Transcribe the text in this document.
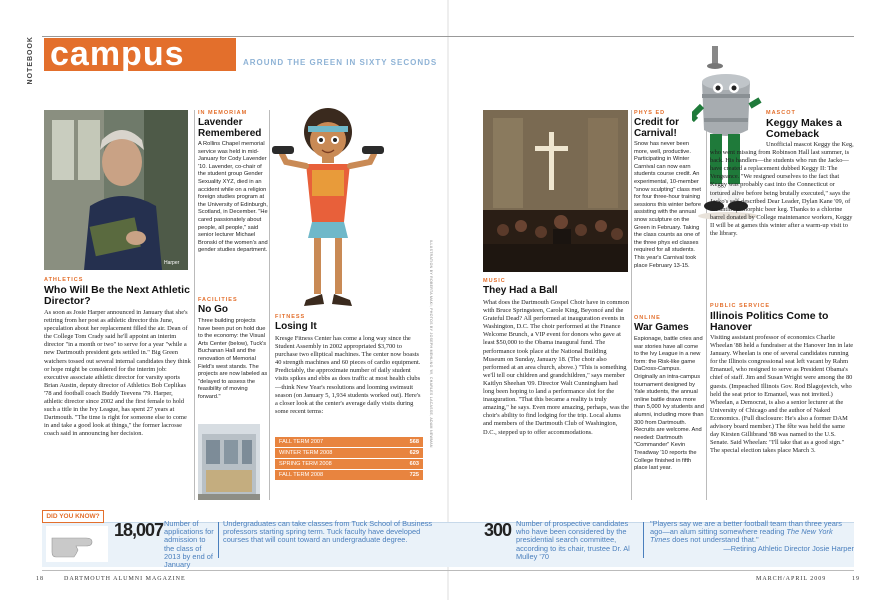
NOTEBOOK campus	AROUND THE GREEN IN SIXTY SECONDS
Harper
ATHLETICS
Who Will Be the Next Athletic Director?
As soon as Josie Harper announced in January that she's retiring from her post as athletic director this June, speculation about her replacement filled the air. Dean of the College Tom Crady said he'll appoint an interim director "in a month or two" to serve for a year "while a new Dartmouth president gets settled in." Big Green watchers tossed out several internal candidates they think or hope might be considered for the interim job: executive associate athletic director for varsity sports Brian Austin, deputy director of Athletics Bob Ceplikas '78 and football coach Buddy Teevens '79. Harper, athletic director since 2002 and the first female to hold such a title in the Ivy League, has spent 27 years at Dartmouth. "The time is right for someone else to come in and take a good look at things," the former lacrosse coach said in announcing her decision.
IN MEMORIAM
Lavender Remembered
A Rollins Chapel memorial service was held in mid-January for Cody Lavender '10. Lavender, co-chair of the student group Gender Sexuality XYZ, died in an accident while on a religion foreign studies program at the University of Edinburgh, Scotland, in December. "He cared passionately about people, all people," said senior lecturer Michael Bronski of the women's and gender studies department.
FACILITIES
No Go
Three building projects have been put on hold due to the economy: the Visual Arts Center (below), Tuck's Buchanan Hall and the renovation of Memorial Field's west stands. The projects are now labeled as "delayed to assess the feasibility of moving forward."
FITNESS
Losing It
Kresge Fitness Center has come a long way since the Student Assembly in 2002 appropriated $3,700 to purchase two elliptical machines. The center now boasts 40 strength machines and 60 pieces of cardio equipment. Predictably, the approximate number of daily student visits spikes and ebbs as does traffic at most health clubs—think New Year's resolutions and looming swimsuit season (on January 5, 1,934 students worked out). Here's a closer look at the center's average daily visits during some recent terms:
FALL TERM 2007	568
WINTER TERM 2008	629
SPRING TERM 2008	603
FALL TERM 2008	725
ILLUSTRATION BY ROBERTA MAKI; PHOTOS BY JOSEPH MEHLING '69, CHARLES LACASSE, ADAM NEWMAN	MUSIC
They Had a Ball
What does the Dartmouth Gospel Choir have in common with Bruce Springsteen, Carole King, Beyoncé and the Grateful Dead? All performed at inauguration events in Washington, D.C. The choir performed at the Finance Welcome Brunch, a VIP event for donors who gave at least $50,000 to the Obama inaugural fund. The performance took place at the National Building Museum on Sunday, January 18. (The choir also performed at an area church, above.) "This is something we'll tell our children and grandchildren," says member Kaitlyn Sheehan '09. Director Walt Cunningham had long been hoping to land a performance slot for the inauguration. "That this became a reality is truly amazing," he says. Even more amazing, perhaps, was the choir's ability to find lodging for the trip. Local alums and members of the Dartmouth Club of Washington, D.C., stepped up to offer accommodations.
PHYS ED
Credit for Carnival!
Snow has never been more, well, productive. Participating in Winter Carnival can now earn students course credit. An experimental, 10-member "snow sculpting" class met for four three-hour training sessions this winter before assisting with the annual snow sculpture on the Green in February. Taking the class counts as one of the three phys ed classes required for all students. This year's Carnival took place February 13-15.
ONLINE
War Games
Espionage, battle cries and war stories have all come to the Ivy League in a new form: the Risk-like game DaCross-Campus. Originally an intra-campus tournament designed by Yale students, the annual online battle draws more than 5,000 Ivy students and alumni, including more than 300 from Dartmouth. Recruits are welcome. And needed: Dartmouth "Commander" Kevin Treadway '10 reports the College finished in fifth place last year.
MASCOT
Keggy Makes a Comeback
Unofficial mascot Keggy the Keg, who went missing from Robinson Hall last summer, is back. His handlers—the students who run the Jacko—have created a replacement dubbed Keggy II: The Vengeance. "We resigned ourselves to the fact that Keggy was probably cast into the Connecticut or tortured alive before being brutally executed," says the Jacko's self-described Dear Leader, Dylan Kane '09, of the anthropomorphic beer keg. Thanks to a chlorine barrel donated by College maintenance workers, Keggy II will be at games this winter after a warm-up visit to the library.
PUBLIC SERVICE
Illinois Politics Come to Hanover
Visiting assistant professor of economics Charlie Wheelan '88 held a fundraiser at the Hanover Inn in late January. Wheelan is one of several candidates running for the Illinois congressional seat left vacant by Rahm Emanuel, who resigned to serve as President Obama's chief of staff. Jim and Susan Wright were among the 80 guests. (Impeached Illinois Gov. Rod Blagojevich, who held the seat prior to Emanuel, was not invited.) Wheelan, a Democrat, is also a senior lecturer at the University of Chicago and the author of Naked Economics. (Full disclosure: He's also a former DAM advisory board member.) The fête was held the same day Kirsten Gillibrand '88 was named to the U.S. Senate. Said Wheelan: "I'll take that as a good sign." The special election takes place March 3.
DID YOU KNOW?
18,007 Number of applications for admission to the class of 2013 by end of January
Undergraduates can take classes from Tuck School of Business professors starting spring term. Tuck faculty have developed courses that will count toward an undergraduate degree.	300 Number of prospective candidates who have been considered by the presidential search committee, according to its chair, trustee Dr. Al Mulley '70
"Players say we are a better football team than three years ago—an alum sitting somewhere reading The New York Times does not understand that."
—Retiring Athletic Director Josie Harper
18	DARTMOUTH ALUMNI MAGAZINE	MARCH/APRIL 2009	19
